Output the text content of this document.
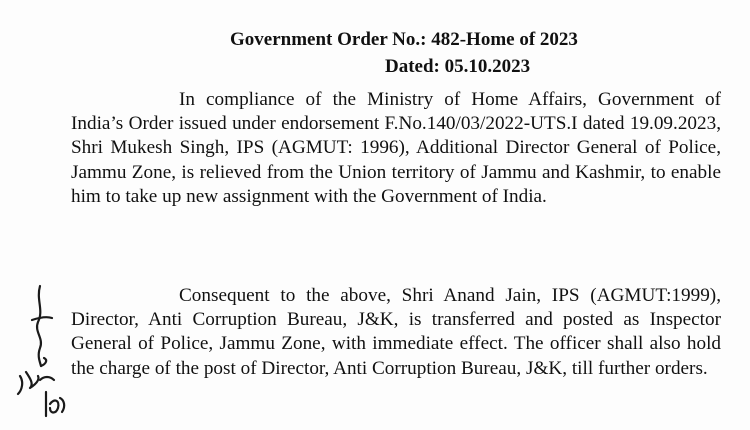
Government Order No.: 482-Home of 2023
Dated: 05.10.2023
In compliance of the Ministry of Home Affairs, Government of India’s Order issued under endorsement F.No.140/03/2022-UTS.I dated 19.09.2023, Shri Mukesh Singh, IPS (AGMUT: 1996), Additional Director General of Police, Jammu Zone, is relieved from the Union territory of Jammu and Kashmir, to enable him to take up new assignment with the Government of India.
Consequent to the above, Shri Anand Jain, IPS (AGMUT:1999), Director, Anti Corruption Bureau, J&K, is transferred and posted as Inspector General of Police, Jammu Zone, with immediate effect. The officer shall also hold the charge of the post of Director, Anti Corruption Bureau, J&K, till further orders.
